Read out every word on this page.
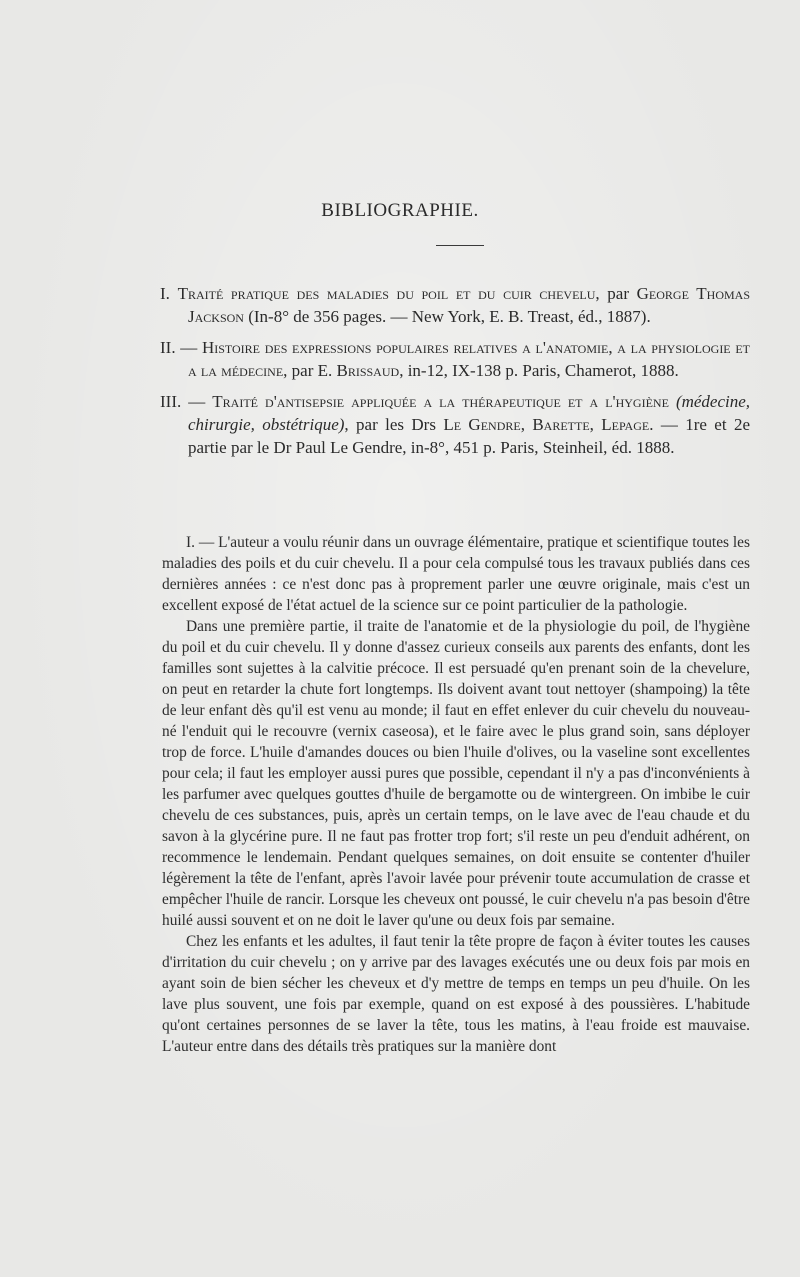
BIBLIOGRAPHIE.
I. Traité pratique des maladies du poil et du cuir chevelu, par George Thomas Jackson (In-8° de 356 pages. — New York, E. B. Treast, éd., 1887).
II. — Histoire des expressions populaires relatives a l'anatomie, a la physiologie et a la médecine, par E. Brissaud, in-12, IX-138 p. Paris, Chamerot, 1888.
III. — Traité d'antisepsie appliquée a la thérapeutique et a l'hygiène (médecine, chirurgie, obstétrique), par les Drs Le Gendre, Barette, Lepage. — 1re et 2e partie par le Dr Paul Le Gendre, in-8°, 451 p. Paris, Steinheil, éd. 1888.

I. — L'auteur a voulu réunir dans un ouvrage élémentaire, pratique et scientifique toutes les maladies des poils et du cuir chevelu. Il a pour cela compulsé tous les travaux publiés dans ces dernières années : ce n'est donc pas à proprement parler une œuvre originale, mais c'est un excellent exposé de l'état actuel de la science sur ce point particulier de la pathologie.

Dans une première partie, il traite de l'anatomie et de la physiologie du poil, de l'hygiène du poil et du cuir chevelu. Il y donne d'assez curieux conseils aux parents des enfants, dont les familles sont sujettes à la calvitie précoce. Il est persuadé qu'en prenant soin de la chevelure, on peut en retarder la chute fort longtemps. Ils doivent avant tout nettoyer (shampoing) la tête de leur enfant dès qu'il est venu au monde; il faut en effet enlever du cuir chevelu du nouveau-né l'enduit qui le recouvre (vernix caseosa), et le faire avec le plus grand soin, sans déployer trop de force. L'huile d'amandes douces ou bien l'huile d'olives, ou la vaseline sont excellentes pour cela; il faut les employer aussi pures que possible, cependant il n'y a pas d'inconvénients à les parfumer avec quelques gouttes d'huile de bergamotte ou de wintergreen. On imbibe le cuir chevelu de ces substances, puis, après un certain temps, on le lave avec de l'eau chaude et du savon à la glycérine pure. Il ne faut pas frotter trop fort; s'il reste un peu d'enduit adhérent, on recommence le lendemain. Pendant quelques semaines, on doit ensuite se contenter d'huiler légèrement la tête de l'enfant, après l'avoir lavée pour prévenir toute accumulation de crasse et empêcher l'huile de rancir. Lorsque les cheveux ont poussé, le cuir chevelu n'a pas besoin d'être huilé aussi souvent et on ne doit le laver qu'une ou deux fois par semaine.

Chez les enfants et les adultes, il faut tenir la tête propre de façon à éviter toutes les causes d'irritation du cuir chevelu ; on y arrive par des lavages exécutés une ou deux fois par mois en ayant soin de bien sécher les cheveux et d'y mettre de temps en temps un peu d'huile. On les lave plus souvent, une fois par exemple, quand on est exposé à des poussières. L'habitude qu'ont certaines personnes de se laver la tête, tous les matins, à l'eau froide est mauvaise. L'auteur entre dans des détails très pratiques sur la manière dont
